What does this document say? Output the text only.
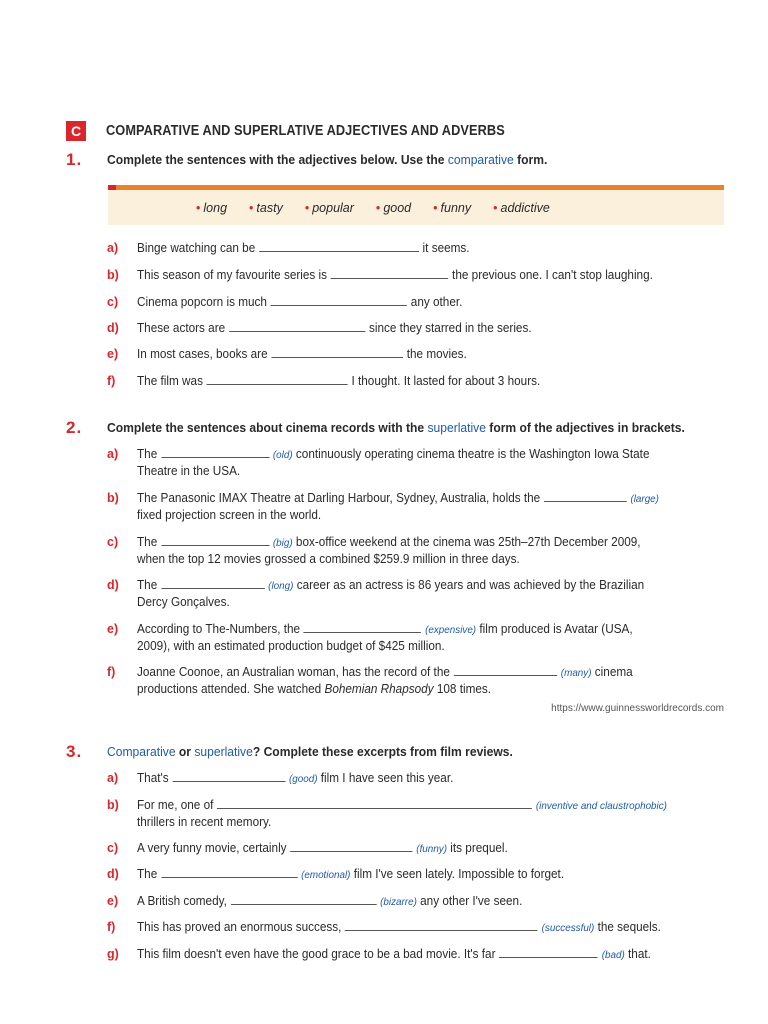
C	COMPARATIVE AND SUPERLATIVE ADJECTIVES AND ADVERBS
1. Complete the sentences with the adjectives below. Use the comparative form.
• long • tasty • popular • good • funny • addictive
a) Binge watching can be	it seems.
b) This season of my favourite series is	the previous one. I can't stop laughing.
c) Cinema popcorn is much	any other.
d) These actors are	since they starred in the series.
e) In most cases, books are	the movies.
f) The film was	I thought. It lasted for about 3 hours.
2. Complete the sentences about cinema records with the superlative form of the adjectives in brackets.
a) The	(old) continuously operating cinema theatre is the Washington Iowa State
Theatre in the USA.
b) The Panasonic IMAX Theatre at Darling Harbour, Sydney, Australia, holds the	(large)
fixed projection screen in the world.
c) The	(big) box-office weekend at the cinema was 25th–27th December 2009,
when the top 12 movies grossed a combined $259.9 million in three days.
d) The	(long) career as an actress is 86 years and was achieved by the Brazilian
Dercy Gonçalves.
e) According to The-Numbers, the	(expensive) film produced is Avatar (USA,
2009), with an estimated production budget of $425 million.
f) Joanne Coonoe, an Australian woman, has the record of the	(many) cinema
productions attended. She watched Bohemian Rhapsody 108 times.
https://www.guinnessworldrecords.com
3. Comparative or superlative? Complete these excerpts from film reviews.
a) That's	(good) film I have seen this year.
b) For me, one of	(inventive and claustrophobic)
thrillers in recent memory.
c) A very funny movie, certainly	(funny) its prequel.
d) The	(emotional) film I've seen lately. Impossible to forget.
e) A British comedy,	(bizarre) any other I've seen.
f) This has proved an enormous success,	(successful) the sequels.
g) This film doesn't even have the good grace to be a bad movie. It's far	(bad) that.
